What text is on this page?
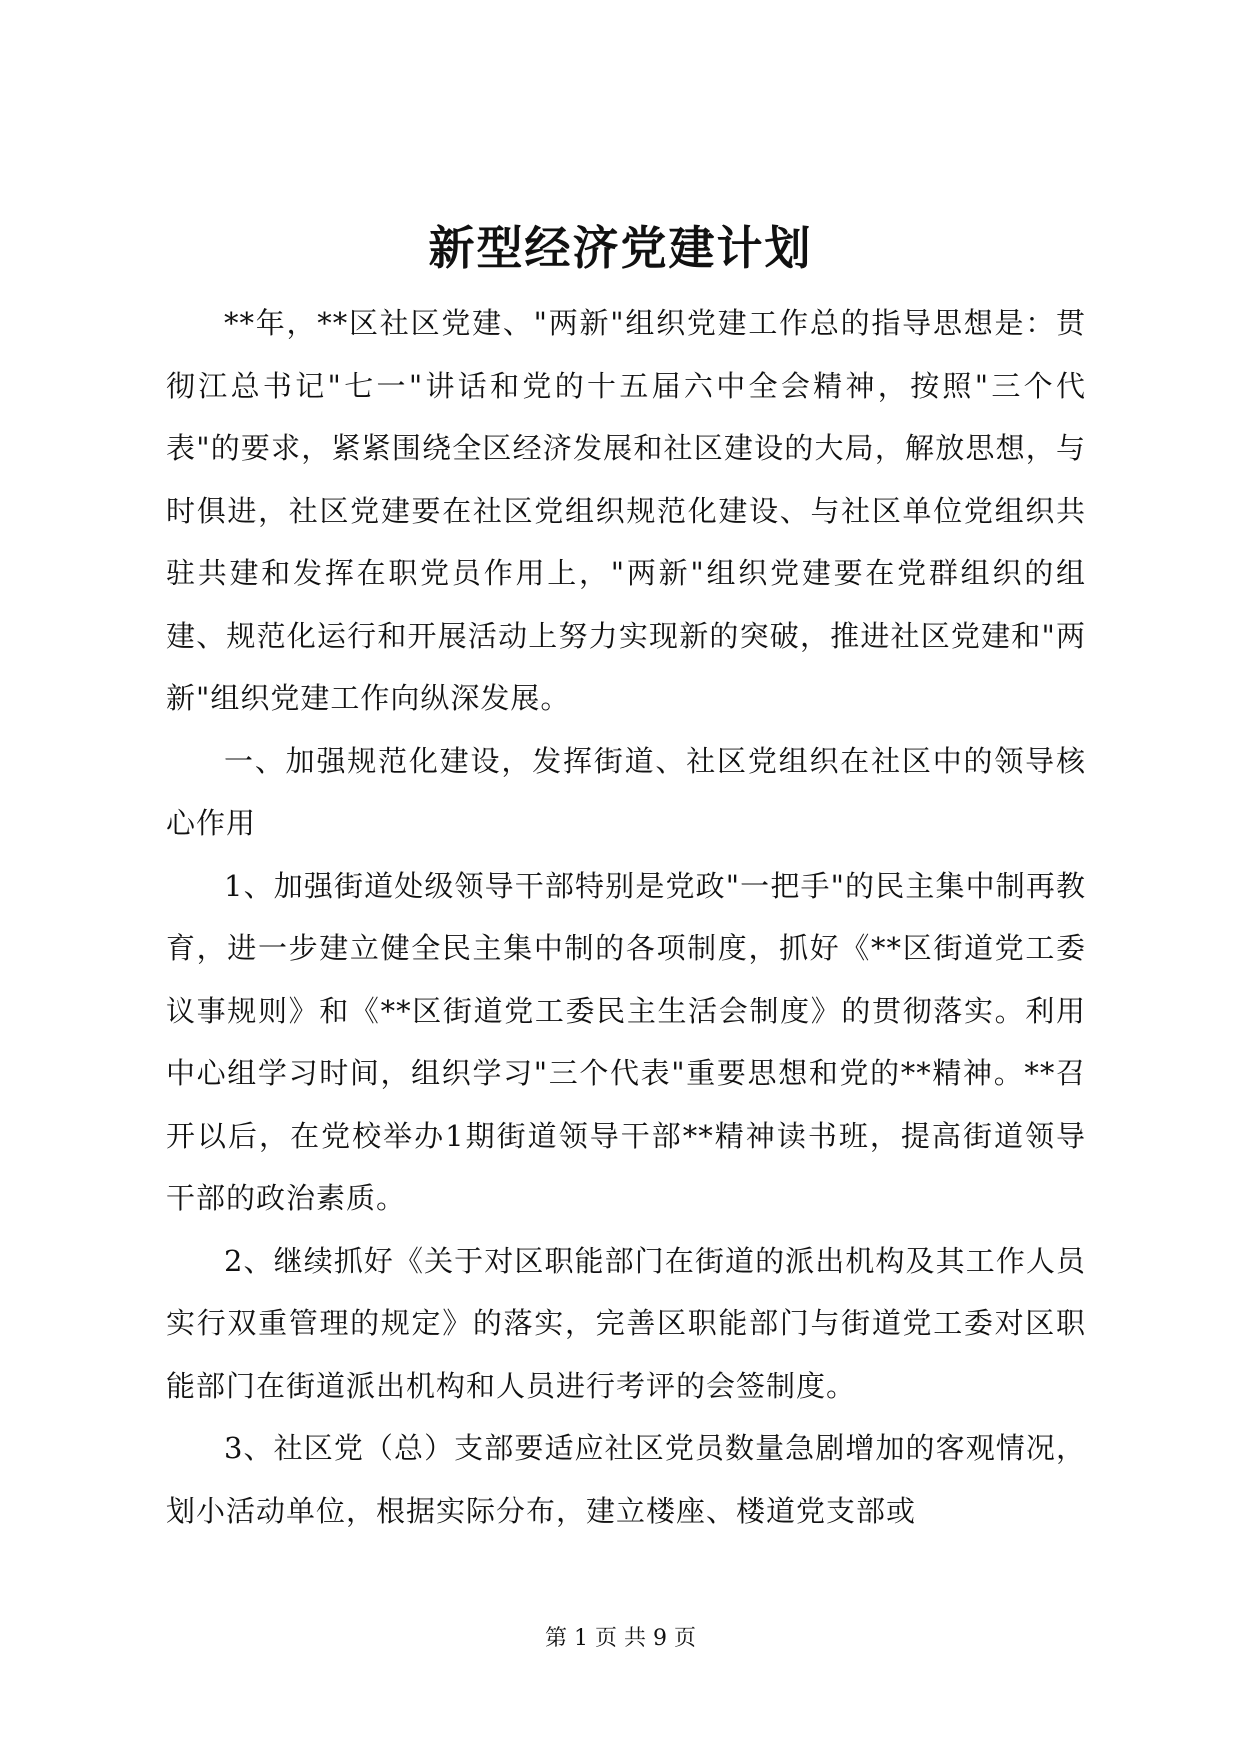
新型经济党建计划

**年，**区社区党建、"两新"组织党建工作总的指导思想是：贯彻江总书记"七一"讲话和党的十五届六中全会精神，按照"三个代表"的要求，紧紧围绕全区经济发展和社区建设的大局，解放思想，与时俱进，社区党建要在社区党组织规范化建设、与社区单位党组织共驻共建和发挥在职党员作用上，"两新"组织党建要在党群组织的组建、规范化运行和开展活动上努力实现新的突破，推进社区党建和"两新"组织党建工作向纵深发展。

一、加强规范化建设，发挥街道、社区党组织在社区中的领导核心作用

1、加强街道处级领导干部特别是党政"一把手"的民主集中制再教育，进一步建立健全民主集中制的各项制度，抓好《**区街道党工委议事规则》和《**区街道党工委民主生活会制度》的贯彻落实。利用中心组学习时间，组织学习"三个代表"重要思想和党的**精神。**召开以后，在党校举办1期街道领导干部**精神读书班，提高街道领导干部的政治素质。

2、继续抓好《关于对区职能部门在街道的派出机构及其工作人员实行双重管理的规定》的落实，完善区职能部门与街道党工委对区职能部门在街道派出机构和人员进行考评的会签制度。

3、社区党（总）支部要适应社区党员数量急剧增加的客观情况，划小活动单位，根据实际分布，建立楼座、楼道党支部或

第 1 页 共 9 页
